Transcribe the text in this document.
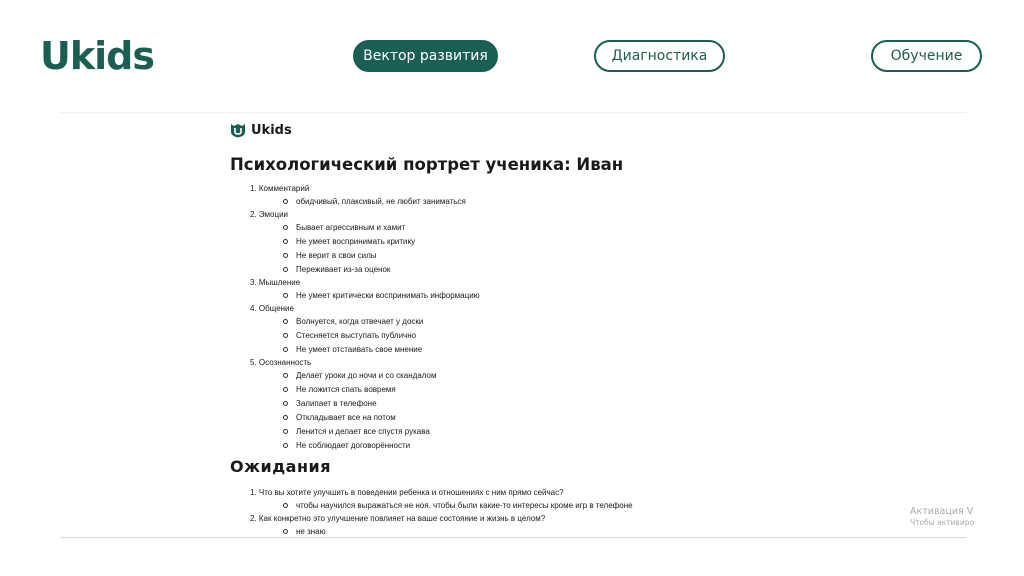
Ukids	Вектор развития	Диагностика	Обучение
Ukids
Психологический портрет ученика: Иван
1. Комментарий
обидчивый, плаксивый, не любит заниматься
2. Эмоции
Бывает агрессивным и хамит
Не умеет воспринимать критику
Не верит в свои силы
Переживает из-за оценок
3. Мышление
Не умеет критически воспринимать информацию
4. Общение
Волнуется, когда отвечает у доски
Стесняется выступать публично
Не умеет отстаивать свое мнение
5. Осознанность
Делает уроки до ночи и со скандалом
Не ложится спать вовремя
Залипает в телефоне
Откладывает все на потом
Ленится и делает все спустя рукава
Не соблюдает договорённости
Ожидания
1. Что вы хотите улучшить в поведении ребенка и отношениях с ним прямо сейчас?
чтобы научился выражаться не ноя. чтобы были какие-то интересы кроме игр в телефоне
2. Как конкретно это улучшение повлияет на ваше состояние и жизнь в целом?
не знаю
Активация V
Чтобы активиро
